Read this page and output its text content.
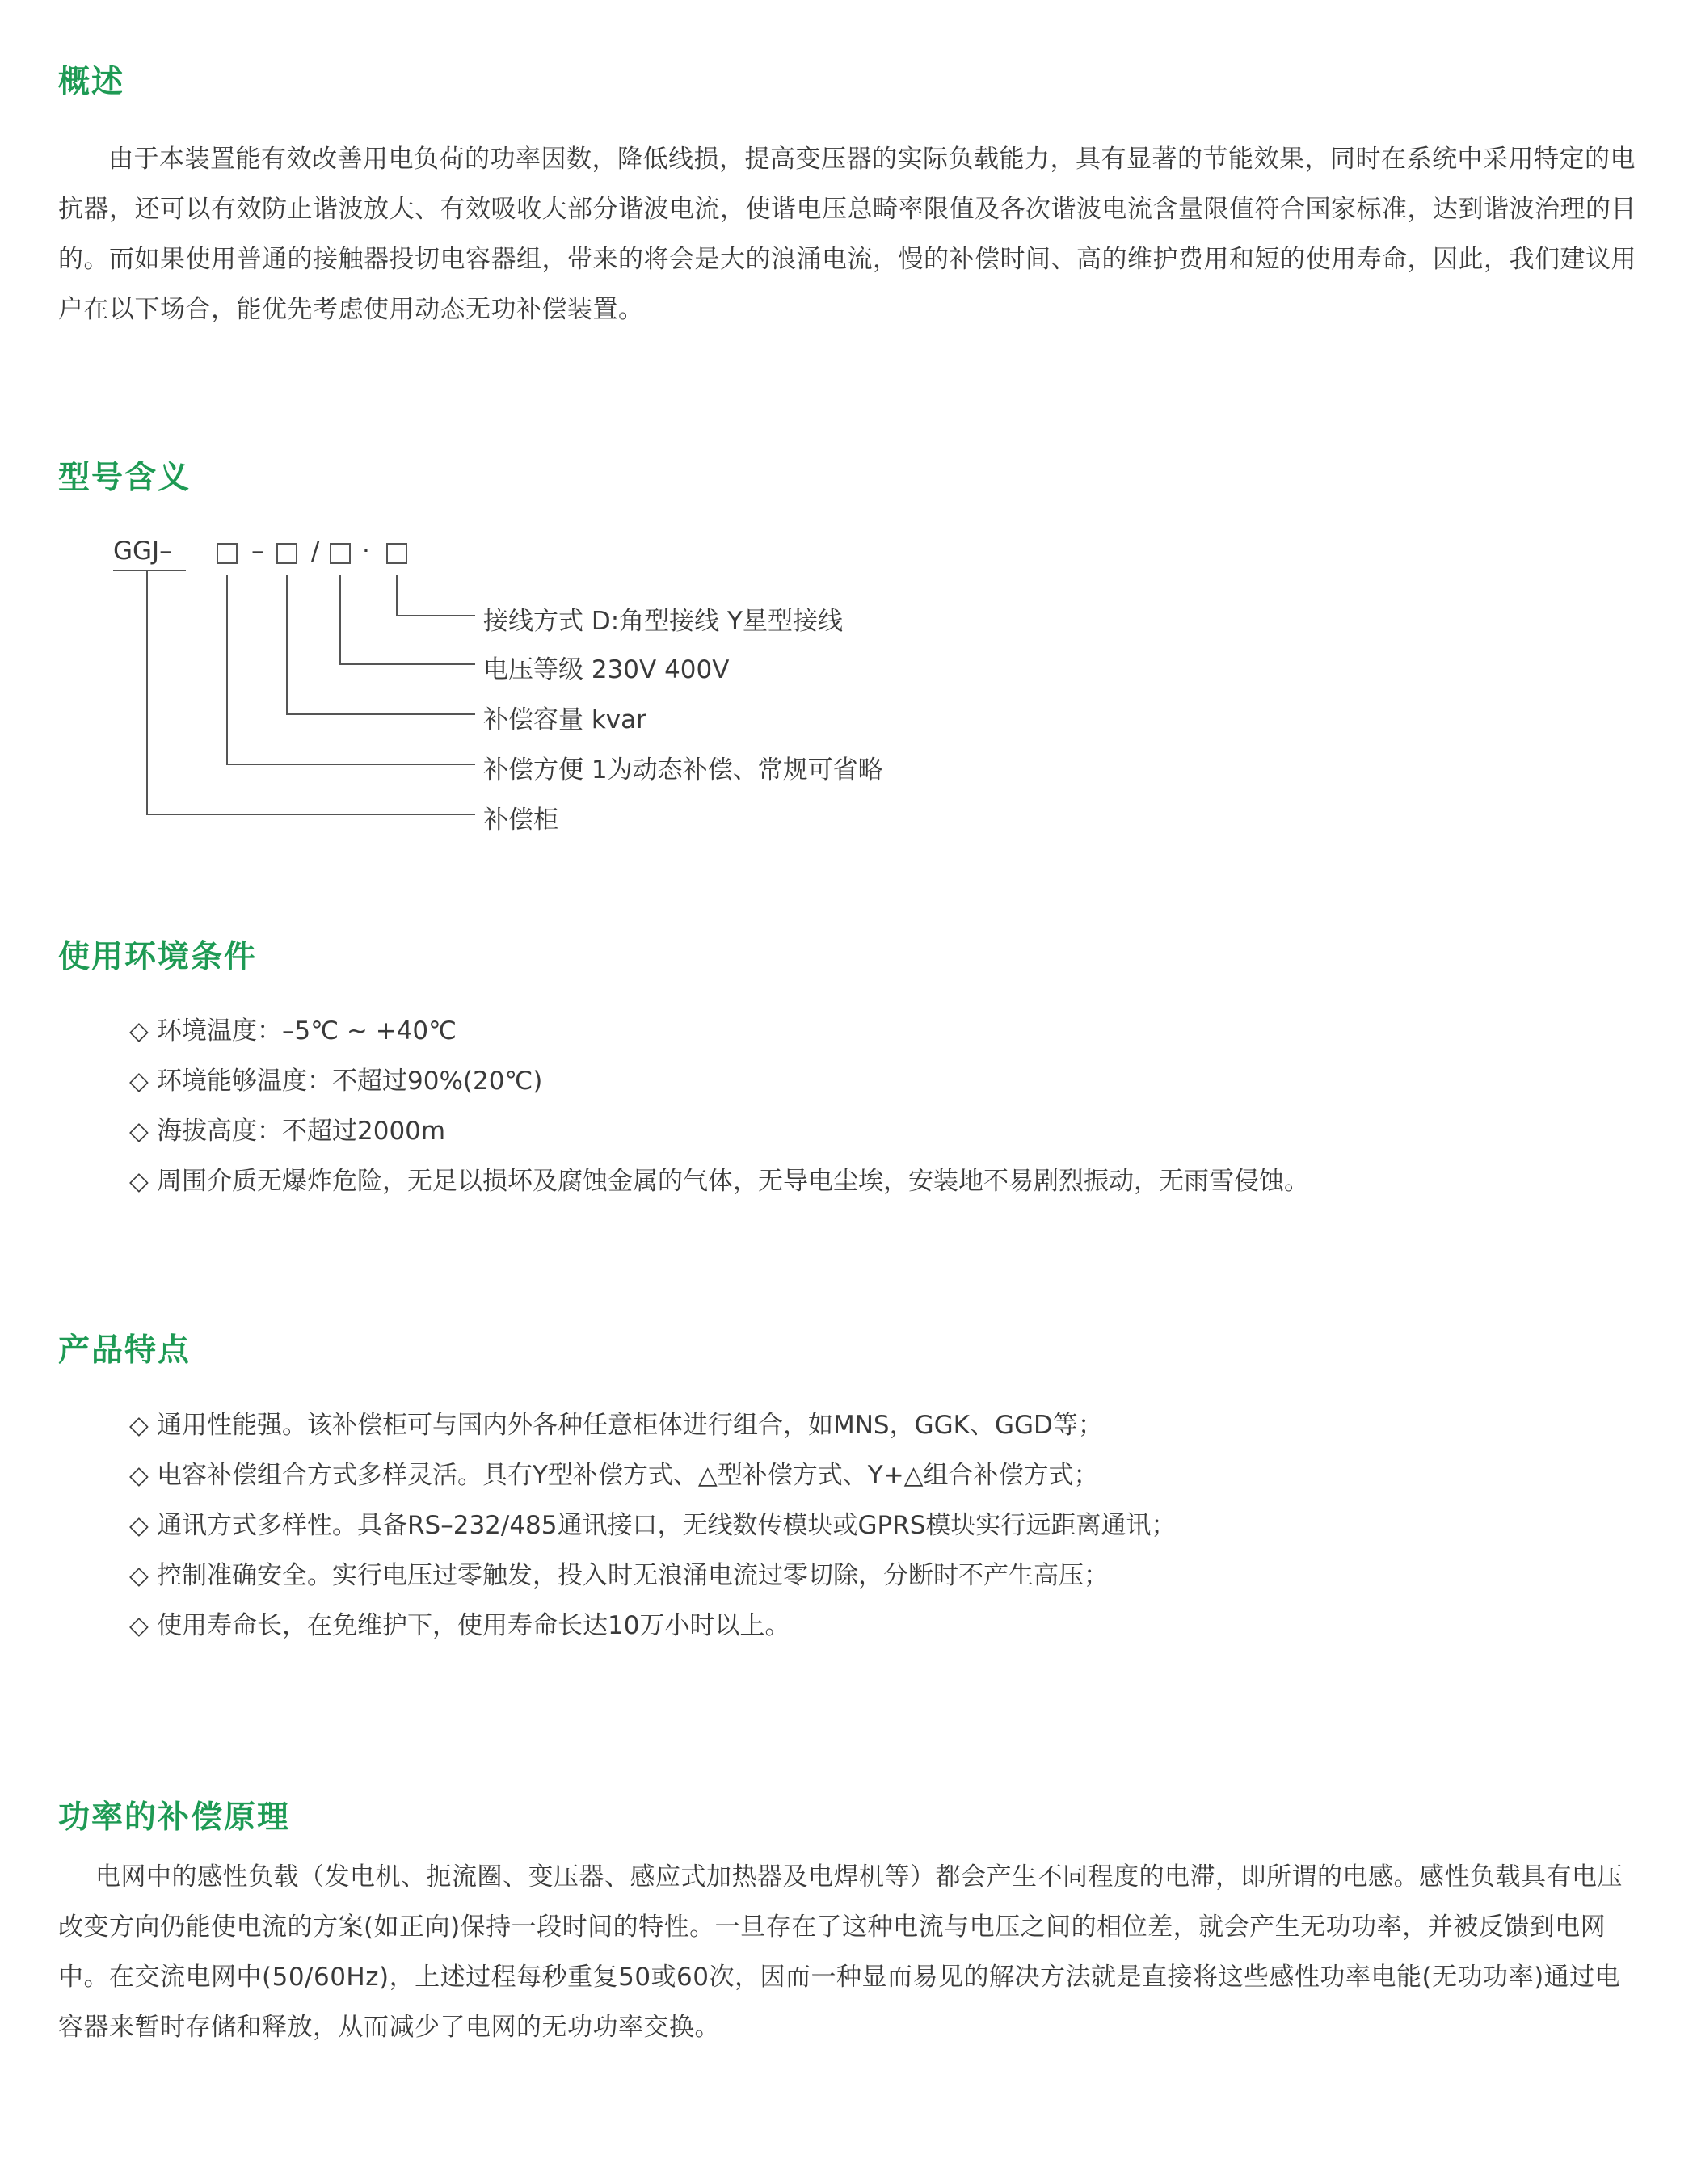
概述

由于本装置能有效改善用电负荷的功率因数，降低线损，提高变压器的实际负载能力，具有显著的节能效果，同时在系统中采用特定的电抗器，还可以有效防止谐波放大、有效吸收大部分谐波电流，使谐电压总畸率限值及各次谐波电流含量限值符合国家标准，达到谐波治理的目的。而如果使用普通的接触器投切电容器组，带来的将会是大的浪涌电流，慢的补偿时间、高的维护费用和短的使用寿命，因此，我们建议用户在以下场合，能优先考虑使用动态无功补偿装置。

型号含义
GGJ–	– / ·
接线方式 D:角型接线 Y星型接线
电压等级 230V 400V
补偿容量 kvar
补偿方便 1为动态补偿、常规可省略
补偿柜
使用环境条件
◇ 环境温度：–5℃ ~ +40℃
◇ 环境能够温度：不超过90%(20℃)
◇ 海拔高度：不超过2000m
◇ 周围介质无爆炸危险，无足以损坏及腐蚀金属的气体，无导电尘埃，安装地不易剧烈振动，无雨雪侵蚀。
产品特点
◇ 通用性能强。该补偿柜可与国内外各种任意柜体进行组合，如MNS，GGK、GGD等；
◇ 电容补偿组合方式多样灵活。具有Y型补偿方式、△型补偿方式、Y+△组合补偿方式；
◇ 通讯方式多样性。具备RS–232/485通讯接口，无线数传模块或GPRS模块实行远距离通讯；
◇ 控制准确安全。实行电压过零触发，投入时无浪涌电流过零切除，分断时不产生高压；
◇ 使用寿命长，在免维护下，使用寿命长达10万小时以上。
功率的补偿原理

电网中的感性负载（发电机、扼流圈、变压器、感应式加热器及电焊机等）都会产生不同程度的电滞，即所谓的电感。感性负载具有电压改变方向仍能使电流的方案(如正向)保持一段时间的特性。一旦存在了这种电流与电压之间的相位差，就会产生无功功率，并被反馈到电网中。在交流电网中(50/60Hz)，上述过程每秒重复50或60次，因而一种显而易见的解决方法就是直接将这些感性功率电能(无功功率)通过电容器来暂时存储和释放，从而减少了电网的无功功率交换。
